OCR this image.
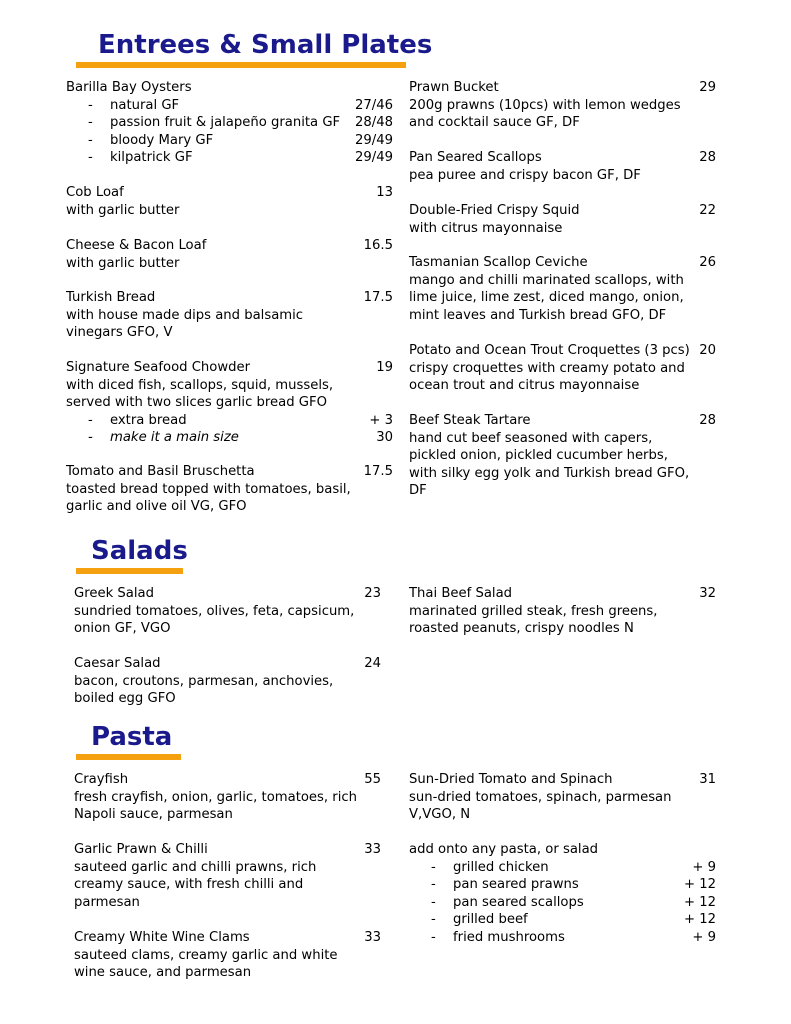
Entrees & Small Plates
Salads
Pasta
Barilla Bay Oysters
- natural GF	27/46
- passion fruit & jalapeño granita GF 28/48
- bloody Mary GF	29/49
- kilpatrick GF	29/49
Cob Loaf	13
with garlic butter
Cheese & Bacon Loaf	16.5
with garlic butter
Turkish Bread	17.5
with house made dips and balsamic
vinegars GFO, V
Signature Seafood Chowder	19
with diced fish, scallops, squid, mussels,
served with two slices garlic bread GFO
- extra bread	+ 3
- make it a main size	30
Tomato and Basil Bruschetta	17.5
toasted bread topped with tomatoes, basil,
garlic and olive oil VG, GFO
Prawn Bucket	29
200g prawns (10pcs) with lemon wedges
and cocktail sauce GF, DF
Pan Seared Scallops	28
pea puree and crispy bacon GF, DF
Double-Fried Crispy Squid	22
with citrus mayonnaise
Tasmanian Scallop Ceviche	26
mango and chilli marinated scallops, with
lime juice, lime zest, diced mango, onion,
mint leaves and Turkish bread GFO, DF
Potato and Ocean Trout Croquettes (3 pcs) 20
crispy croquettes with creamy potato and
ocean trout and citrus mayonnaise
Beef Steak Tartare	28
hand cut beef seasoned with capers,
pickled onion, pickled cucumber herbs,
with silky egg yolk and Turkish bread GFO,
DF
Greek Salad	23
sundried tomatoes, olives, feta, capsicum,
onion GF, VGO
Caesar Salad	24
bacon, croutons, parmesan, anchovies,
boiled egg GFO
Thai Beef Salad	32
marinated grilled steak, fresh greens,
roasted peanuts, crispy noodles N
Crayfish	55
fresh crayfish, onion, garlic, tomatoes, rich
Napoli sauce, parmesan
Garlic Prawn & Chilli	33
sauteed garlic and chilli prawns, rich
creamy sauce, with fresh chilli and
parmesan
Creamy White Wine Clams	33
sauteed clams, creamy garlic and white
wine sauce, and parmesan
Sun-Dried Tomato and Spinach	31
sun-dried tomatoes, spinach, parmesan
V,VGO, N
add onto any pasta, or salad
- grilled chicken	+ 9
- pan seared prawns	+ 12
- pan seared scallops	+ 12
- grilled beef	+ 12
- fried mushrooms	+ 9
